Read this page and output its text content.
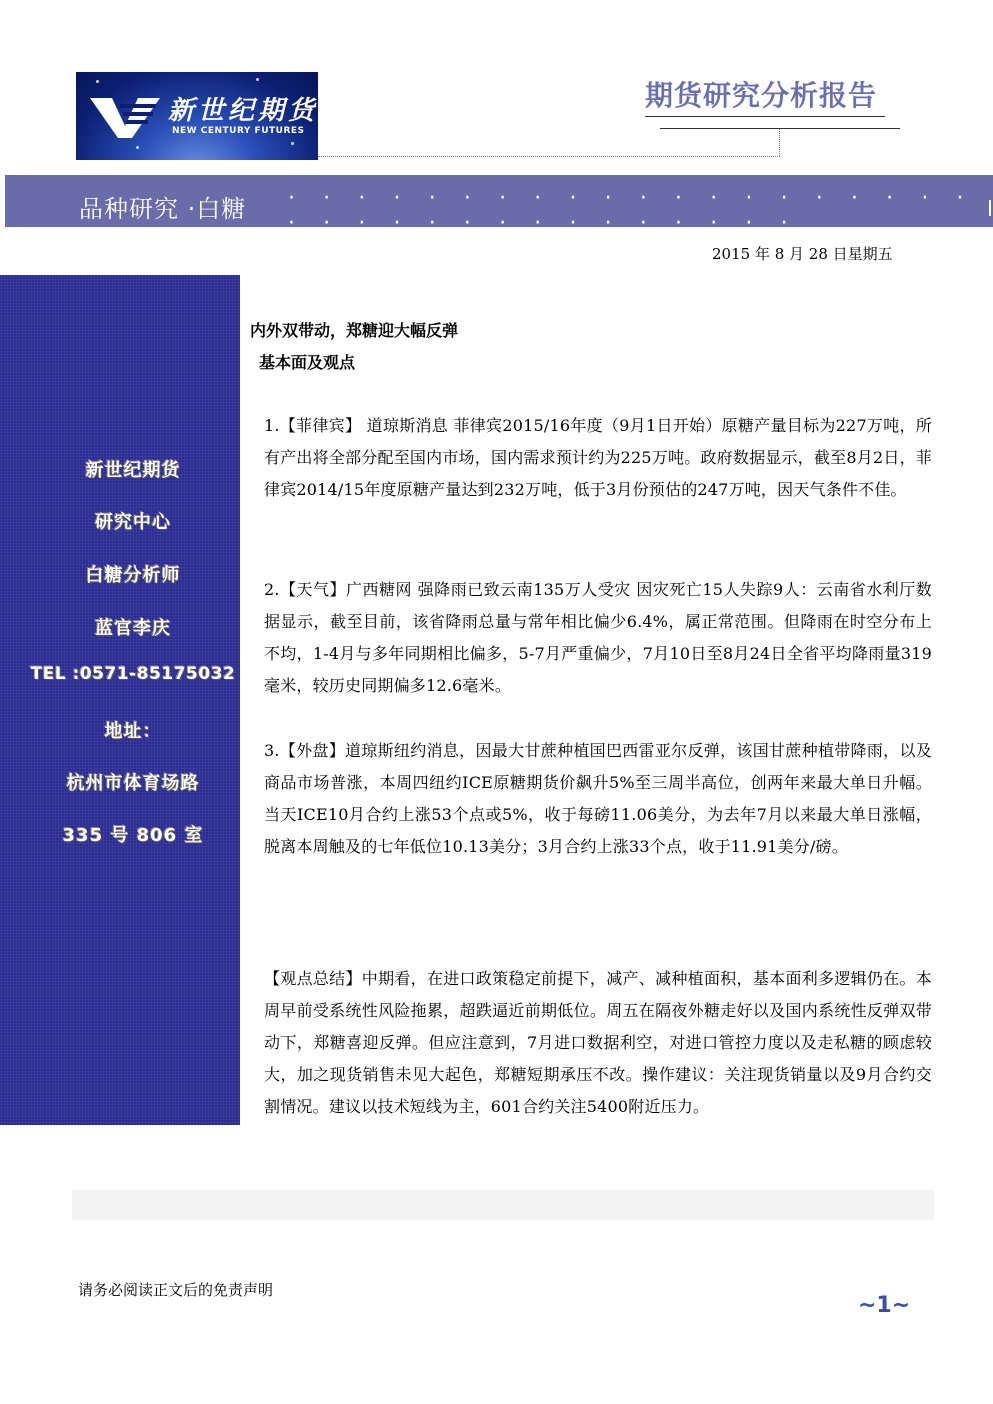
新世纪期货
NEW CENTURY FUTURES
期货研究分析报告
品种研究 ·白糖 · · · · · · · · · · · · · · · · · · · · · · · · · · · · · · · · · · ·
2015 年 8 月 28 日星期五
新世纪期货
研究中心
白糖分析师
蓝官李庆
TEL :0571-85175032
地址：
杭州市体育场路
335 号 806 室
内外双带动，郑糖迎大幅反弹
基本面及观点
1.【菲律宾】 道琼斯消息 菲律宾2015/16年度（9月1日开始）原糖产量目标为227万吨，所有产出将全部分配至国内市场，国内需求预计约为225万吨。政府数据显示，截至8月2日，菲律宾2014/15年度原糖产量达到232万吨，低于3月份预估的247万吨，因天气条件不佳。
2.【天气】广西糖网 强降雨已致云南135万人受灾 因灾死亡15人失踪9人：云南省水利厅数据显示，截至目前，该省降雨总量与常年相比偏少6.4%，属正常范围。但降雨在时空分布上不均，1-4月与多年同期相比偏多，5-7月严重偏少，7月10日至8月24日全省平均降雨量319毫米，较历史同期偏多12.6毫米。
3.【外盘】道琼斯纽约消息，因最大甘蔗种植国巴西雷亚尔反弹，该国甘蔗种植带降雨，以及商品市场普涨，本周四纽约ICE原糖期货价飙升5%至三周半高位，创两年来最大单日升幅。当天ICE10月合约上涨53个点或5%，收于每磅11.06美分，为去年7月以来最大单日涨幅，脱离本周触及的七年低位10.13美分；3月合约上涨33个点，收于11.91美分/磅。
【观点总结】中期看，在进口政策稳定前提下，减产、减种植面积，基本面利多逻辑仍在。本周早前受系统性风险拖累，超跌逼近前期低位。周五在隔夜外糖走好以及国内系统性反弹双带动下，郑糖喜迎反弹。但应注意到，7月进口数据利空，对进口管控力度以及走私糖的顾虑较大，加之现货销售未见大起色，郑糖短期承压不改。操作建议：关注现货销量以及9月合约交割情况。建议以技术短线为主，601合约关注5400附近压力。
请务必阅读正文后的免责声明
~1~
